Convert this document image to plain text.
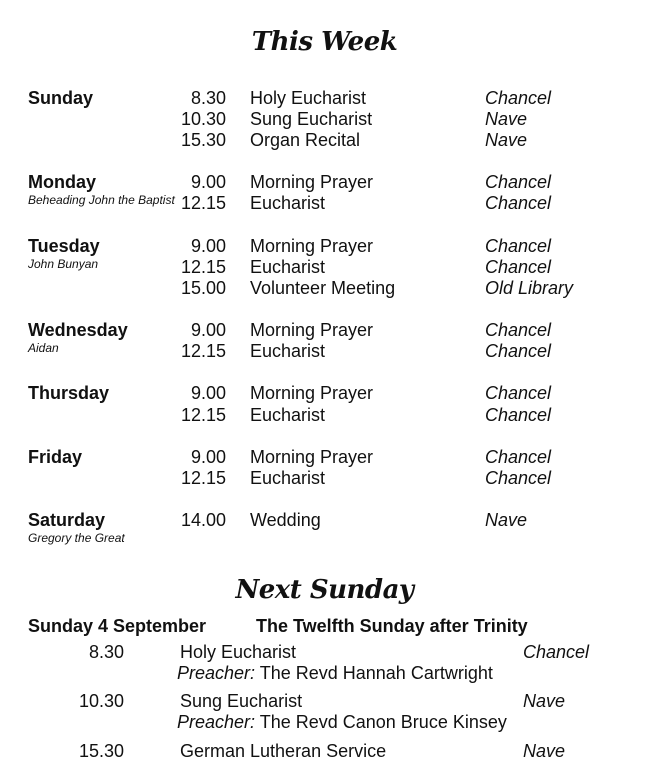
This Week
Sunday	8.30 Holy Eucharist	Chancel
10.30 Sung Eucharist	Nave
15.30 Organ Recital	Nave
Monday
Beheading John the Baptist
9.00 Morning Prayer	Chancel
12.15 Eucharist	Chancel
Tuesday
John Bunyan
9.00 Morning Prayer	Chancel
12.15 Eucharist	Chancel
15.00 Volunteer Meeting	Old Library
Wednesday
Aidan
9.00 Morning Prayer	Chancel
12.15 Eucharist	Chancel
Thursday	9.00 Morning Prayer	Chancel
12.15 Eucharist	Chancel
Friday	9.00 Morning Prayer	Chancel
12.15 Eucharist	Chancel
Saturday
Gregory the Great
14.00 Wedding	Nave
Next Sunday
Sunday 4 September	The Twelfth Sunday after Trinity
8.30	Holy Eucharist	Chancel
Preacher: The Revd Hannah Cartwright
10.30	Sung Eucharist	Nave
Preacher: The Revd Canon Bruce Kinsey
15.30	German Lutheran Service	Nave
